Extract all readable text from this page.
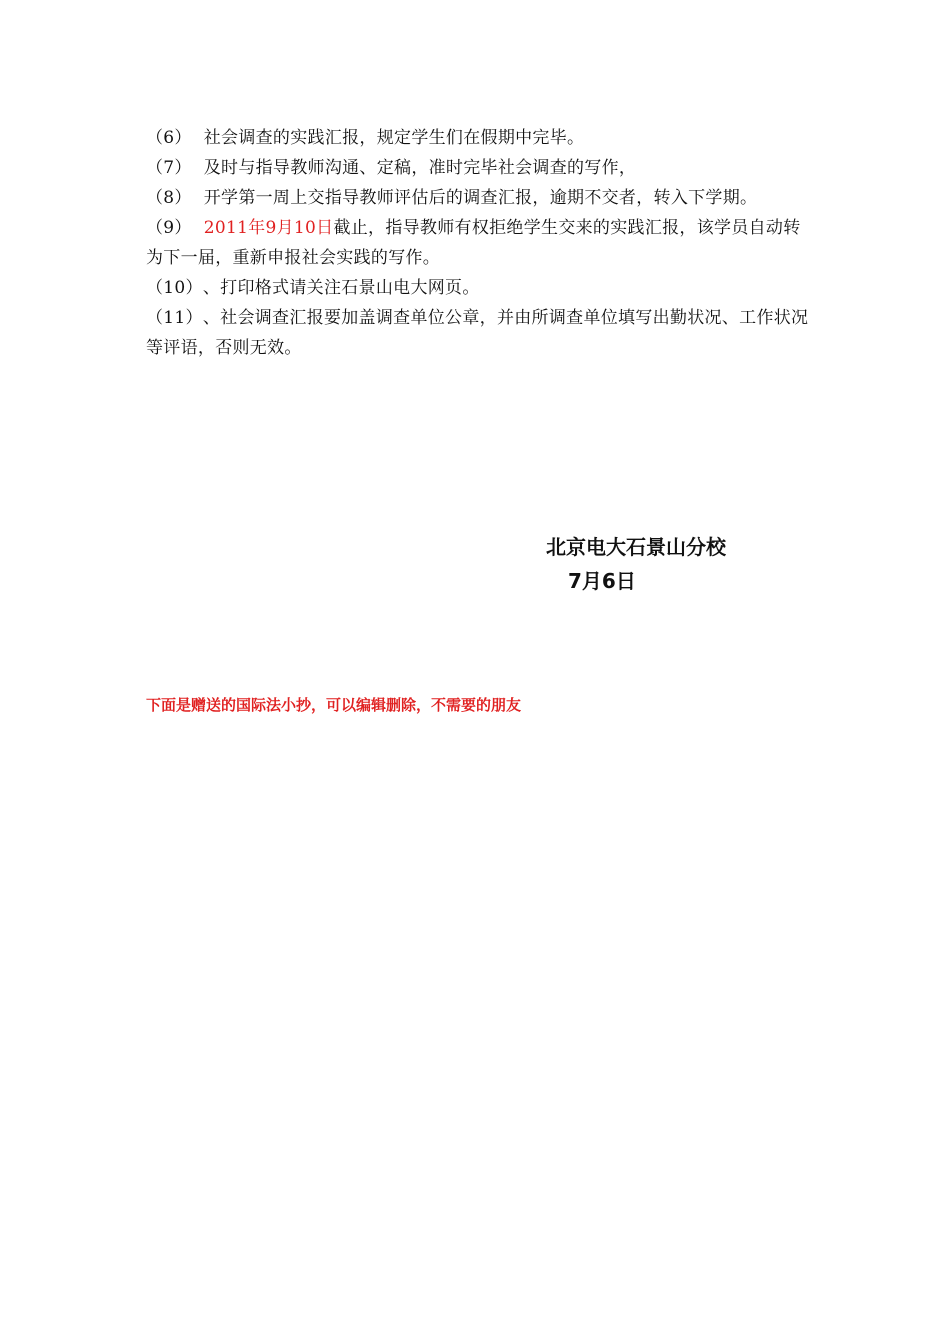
（6） 社会调查的实践汇报，规定学生们在假期中完毕。

（7） 及时与指导教师沟通、定稿，准时完毕社会调查的写作，

（8） 开学第一周上交指导教师评估后的调查汇报，逾期不交者，转入下学期。

（9） 2011年9月10日截止，指导教师有权拒绝学生交来的实践汇报，该学员自动转为下一届，重新申报社会实践的写作。

（10）、打印格式请关注石景山电大网页。

（11）、社会调查汇报要加盖调查单位公章，并由所调查单位填写出勤状况、工作状况等评语，否则无效。

北京电大石景山分校
7月6日
下面是赠送的国际法小抄，可以编辑删除，不需要的朋友
